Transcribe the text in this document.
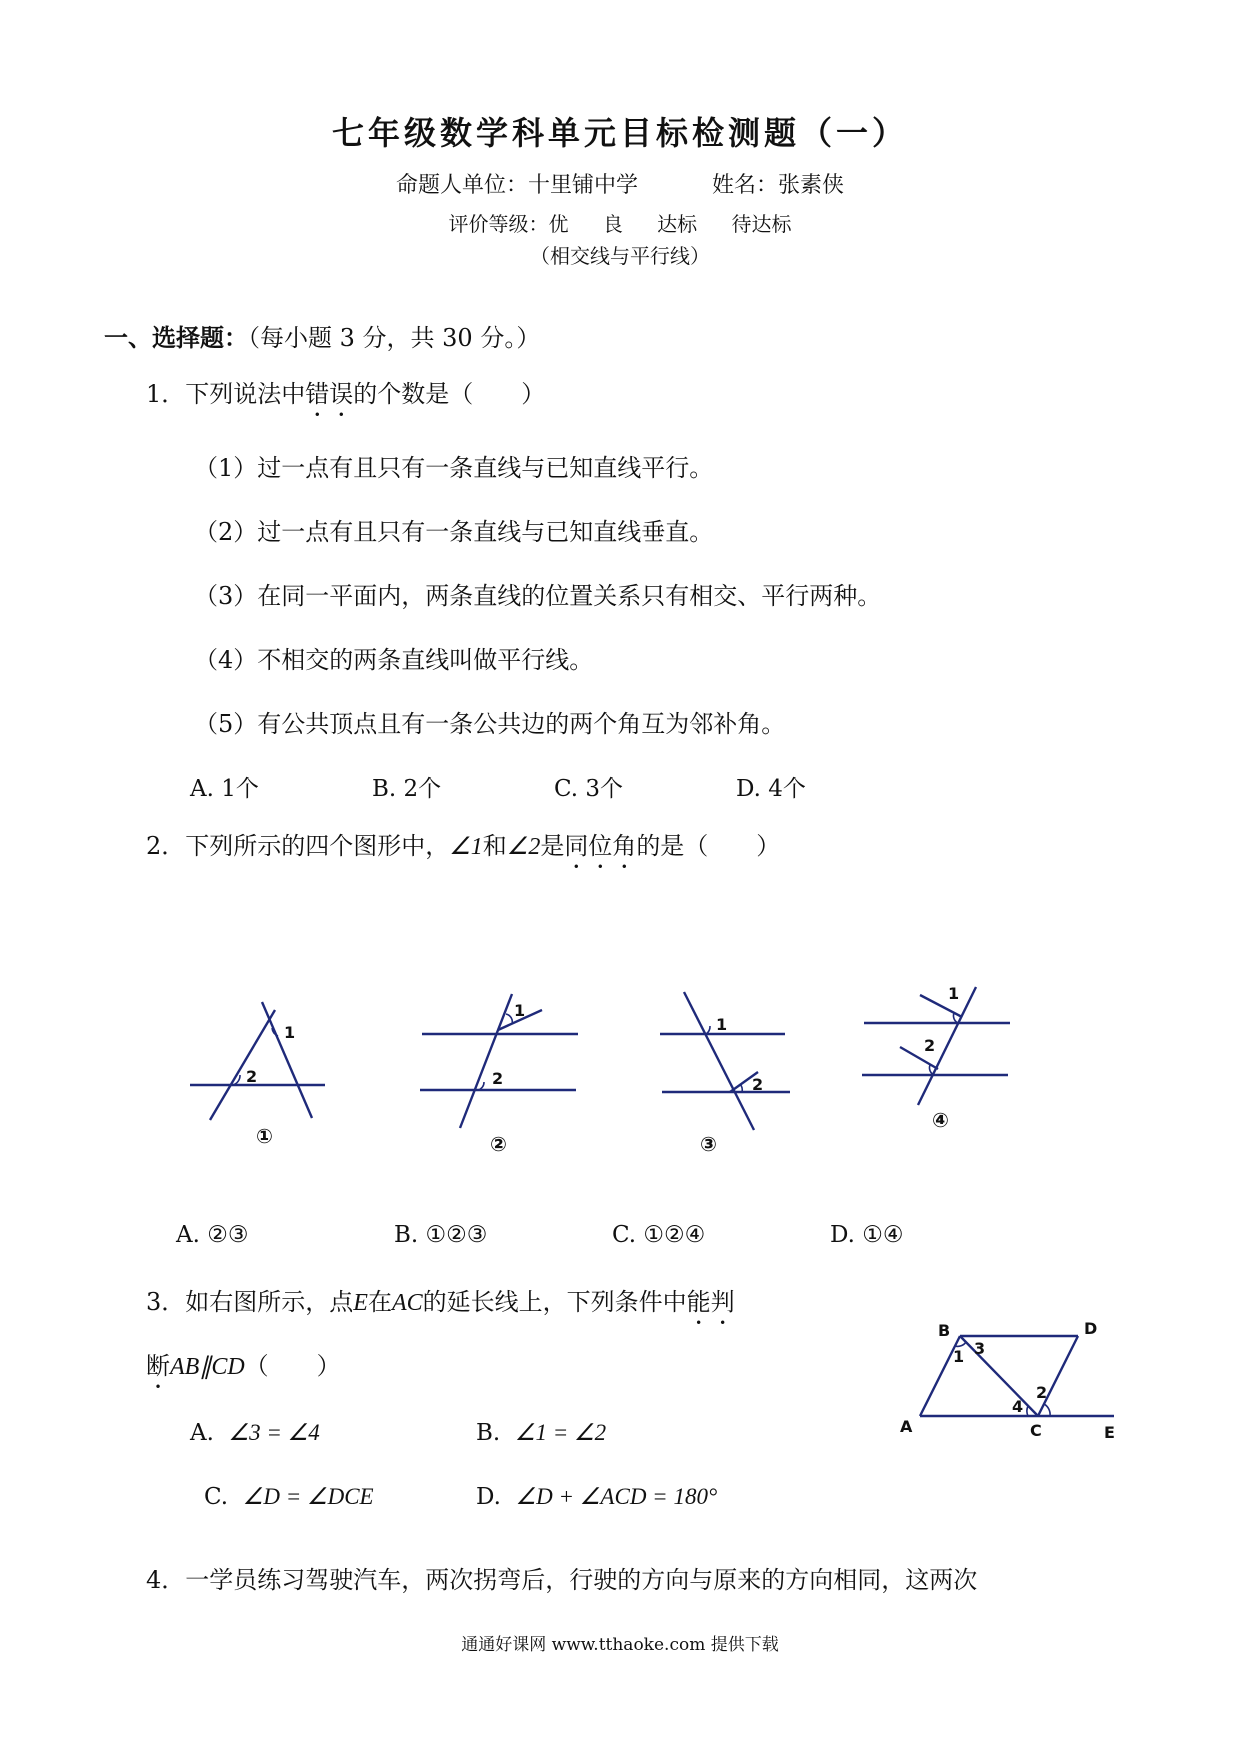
七年级数学科单元目标检测题（一）
命题人单位：十里铺中学	姓名：张素侠
评价等级：优 良 达标 待达标
（相交线与平行线）
一、选择题：（每小题 3 分，共 30 分。）
1．下列说法中错误的个数是（　　）
（1）过一点有且只有一条直线与已知直线平行。
（2）过一点有且只有一条直线与已知直线垂直。
（3）在同一平面内，两条直线的位置关系只有相交、平行两种。
（4）不相交的两条直线叫做平行线。
（5）有公共顶点且有一条公共边的两个角互为邻补角。
A. 1个	B. 2个	C. 3个	D. 4个
2．下列所示的四个图形中，∠1和∠2是同位角的是（　　）
1
2
①
1
2
②
1
2
③
1
2
④
A. ②③	B. ①②③	C. ①②④	D. ①④
3．如右图所示，点E在AC的延长线上，下列条件中能判
断AB∥CD（　　）
A. ∠3 = ∠4	B. ∠1 = ∠2
C. ∠D = ∠DCE	D. ∠D + ∠ACD = 180°
B	D
A	C	E
1 3
4
2
4．一学员练习驾驶汽车，两次拐弯后，行驶的方向与原来的方向相同，这两次
通通好课网 www.tthaoke.com 提供下载
